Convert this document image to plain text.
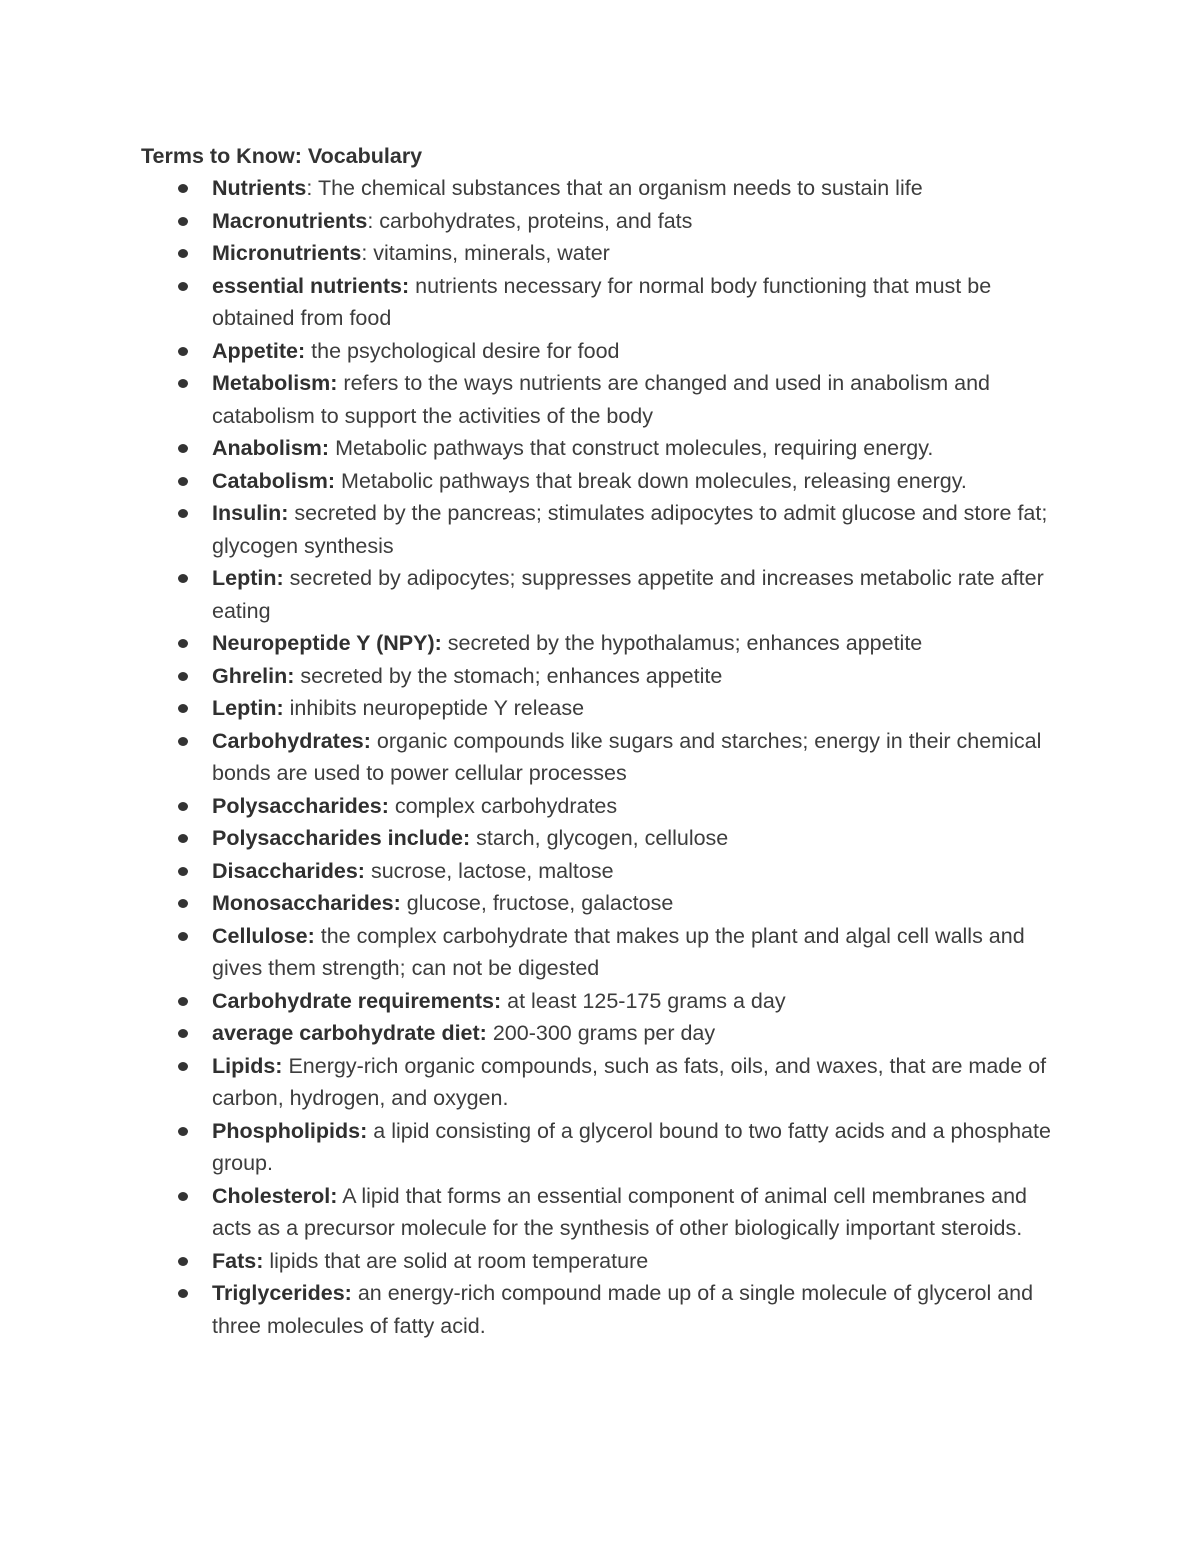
Terms to Know: Vocabulary
Nutrients: The chemical substances that an organism needs to sustain life
Macronutrients: carbohydrates, proteins, and fats
Micronutrients: vitamins, minerals, water
essential nutrients: nutrients necessary for normal body functioning that must be obtained from food
Appetite: the psychological desire for food
Metabolism: refers to the ways nutrients are changed and used in anabolism and catabolism to support the activities of the body
Anabolism: Metabolic pathways that construct molecules, requiring energy.
Catabolism: Metabolic pathways that break down molecules, releasing energy.
Insulin: secreted by the pancreas; stimulates adipocytes to admit glucose and store fat; glycogen synthesis
Leptin: secreted by adipocytes; suppresses appetite and increases metabolic rate after eating
Neuropeptide Y (NPY): secreted by the hypothalamus; enhances appetite
Ghrelin: secreted by the stomach; enhances appetite
Leptin: inhibits neuropeptide Y release
Carbohydrates: organic compounds like sugars and starches; energy in their chemical bonds are used to power cellular processes
Polysaccharides: complex carbohydrates
Polysaccharides include: starch, glycogen, cellulose
Disaccharides: sucrose, lactose, maltose
Monosaccharides: glucose, fructose, galactose
Cellulose: the complex carbohydrate that makes up the plant and algal cell walls and gives them strength; can not be digested
Carbohydrate requirements: at least 125-175 grams a day
average carbohydrate diet: 200-300 grams per day
Lipids: Energy-rich organic compounds, such as fats, oils, and waxes, that are made of carbon, hydrogen, and oxygen.
Phospholipids: a lipid consisting of a glycerol bound to two fatty acids and a phosphate group.
Cholesterol: A lipid that forms an essential component of animal cell membranes and acts as a precursor molecule for the synthesis of other biologically important steroids.
Fats: lipids that are solid at room temperature
Triglycerides: an energy-rich compound made up of a single molecule of glycerol and three molecules of fatty acid.
